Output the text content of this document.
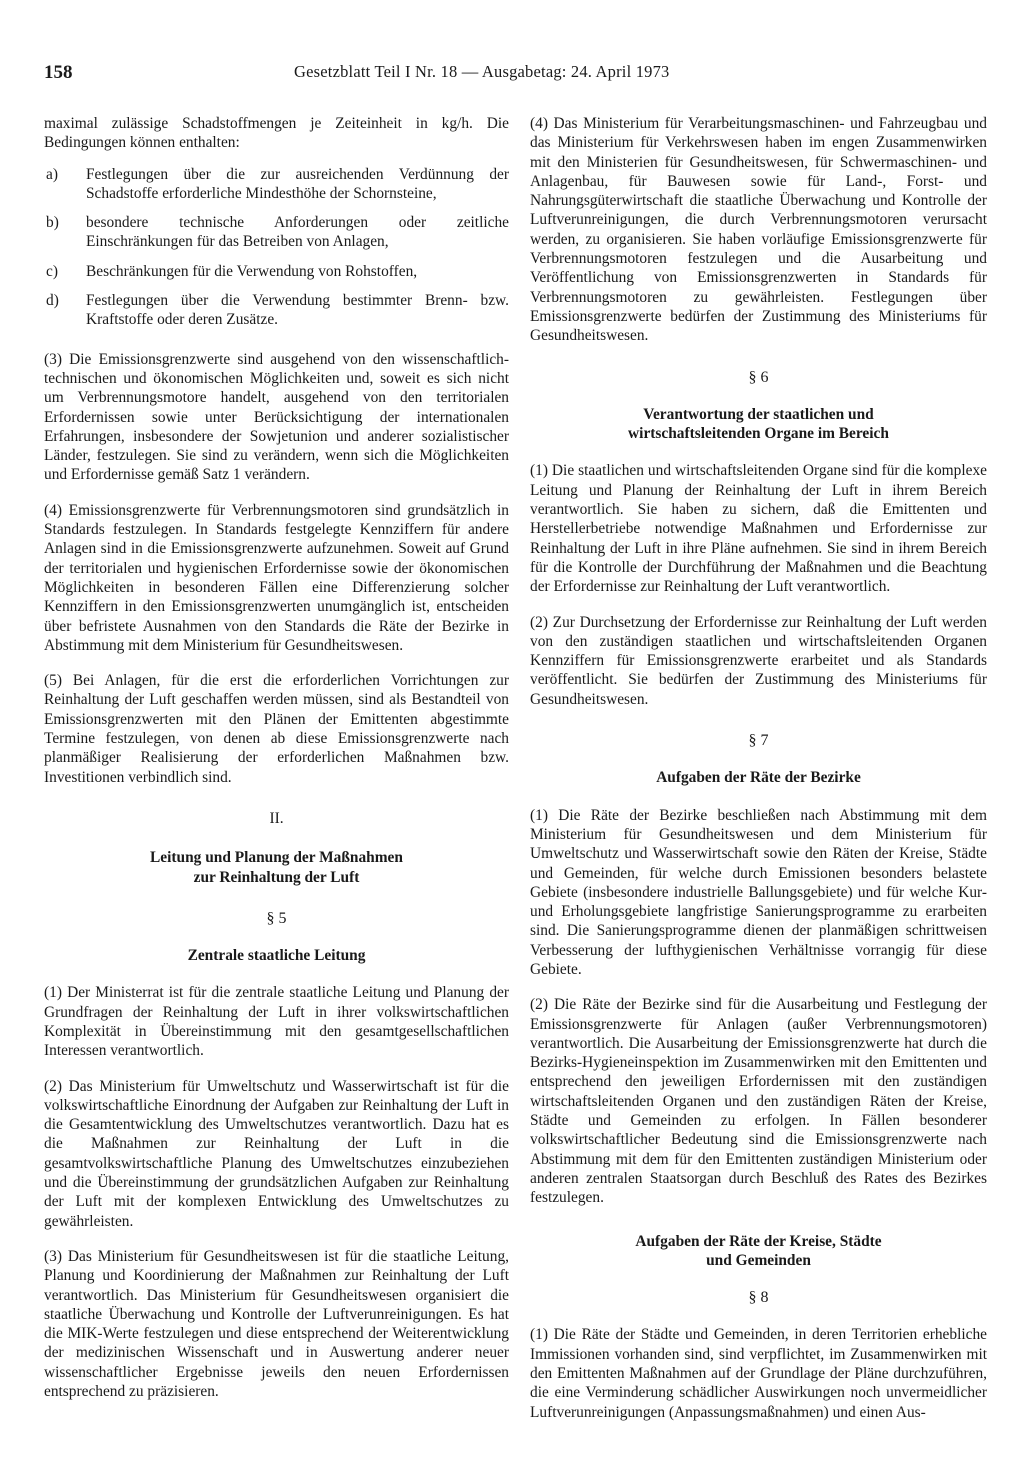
158	Gesetzblatt Teil I Nr. 18 — Ausgabetag: 24. April 1973

maximal zulässige Schadstoffmengen je Zeiteinheit in kg/h. Die Bedingungen können enthalten:

a)	Festlegungen über die zur ausreichenden Verdünnung der Schadstoffe erforderliche Mindesthöhe der Schornsteine,
b)	besondere technische Anforderungen oder zeitliche Einschränkungen für das Betreiben von Anlagen,
c)	Beschränkungen für die Verwendung von Rohstoffen,
d)	Festlegungen über die Verwendung bestimmter Brenn- bzw. Kraftstoffe oder deren Zusätze.

(3) Die Emissionsgrenzwerte sind ausgehend von den wissenschaftlich-technischen und ökonomischen Möglichkeiten und, soweit es sich nicht um Verbrennungsmotore handelt, ausgehend von den territorialen Erfordernissen sowie unter Berücksichtigung der internationalen Erfahrungen, insbesondere der Sowjetunion und anderer sozialistischer Länder, festzulegen. Sie sind zu verändern, wenn sich die Möglichkeiten und Erfordernisse gemäß Satz 1 verändern.

(4) Emissionsgrenzwerte für Verbrennungsmotoren sind grundsätzlich in Standards festzulegen. In Standards festgelegte Kennziffern für andere Anlagen sind in die Emissionsgrenzwerte aufzunehmen. Soweit auf Grund der territorialen und hygienischen Erfordernisse sowie der ökonomischen Möglichkeiten in besonderen Fällen eine Differenzierung solcher Kennziffern in den Emissionsgrenzwerten unumgänglich ist, entscheiden über befristete Ausnahmen von den Standards die Räte der Bezirke in Abstimmung mit dem Ministerium für Gesundheitswesen.

(5) Bei Anlagen, für die erst die erforderlichen Vorrichtungen zur Reinhaltung der Luft geschaffen werden müssen, sind als Bestandteil von Emissionsgrenzwerten mit den Plänen der Emittenten abgestimmte Termine festzulegen, von denen ab diese Emissionsgrenzwerte nach planmäßiger Realisierung der erforderlichen Maßnahmen bzw. Investitionen verbindlich sind.

II.
Leitung und Planung der Maßnahmen
zur Reinhaltung der Luft
§ 5
Zentrale staatliche Leitung

(1) Der Ministerrat ist für die zentrale staatliche Leitung und Planung der Grundfragen der Reinhaltung der Luft in ihrer volkswirtschaftlichen Komplexität in Übereinstimmung mit den gesamtgesellschaftlichen Interessen verantwortlich.

(2) Das Ministerium für Umweltschutz und Wasserwirtschaft ist für die volkswirtschaftliche Einordnung der Aufgaben zur Reinhaltung der Luft in die Gesamtentwicklung des Umweltschutzes verantwortlich. Dazu hat es die Maßnahmen zur Reinhaltung der Luft in die gesamtvolkswirtschaftliche Planung des Umweltschutzes einzubeziehen und die Übereinstimmung der grundsätzlichen Aufgaben zur Reinhaltung der Luft mit der komplexen Entwicklung des Umweltschutzes zu gewährleisten.

(3) Das Ministerium für Gesundheitswesen ist für die staatliche Leitung, Planung und Koordinierung der Maßnahmen zur Reinhaltung der Luft verantwortlich. Das Ministerium für Gesundheitswesen organisiert die staatliche Überwachung und Kontrolle der Luftverunreinigungen. Es hat die MIK-Werte festzulegen und diese entsprechend der Weiterentwicklung der medizinischen Wissenschaft und in Auswertung anderer neuer wissenschaftlicher Ergebnisse jeweils den neuen Erfordernissen entsprechend zu präzisieren.

(4) Das Ministerium für Verarbeitungsmaschinen- und Fahrzeugbau und das Ministerium für Verkehrswesen haben im engen Zusammenwirken mit den Ministerien für Gesundheitswesen, für Schwermaschinen- und Anlagenbau, für Bauwesen sowie für Land-, Forst- und Nahrungsgüterwirtschaft die staatliche Überwachung und Kontrolle der Luftverunreinigungen, die durch Verbrennungsmotoren verursacht werden, zu organisieren. Sie haben vorläufige Emissionsgrenzwerte für Verbrennungsmotoren festzulegen und die Ausarbeitung und Veröffentlichung von Emissionsgrenzwerten in Standards für Verbrennungsmotoren zu gewährleisten. Festlegungen über Emissionsgrenzwerte bedürfen der Zustimmung des Ministeriums für Gesundheitswesen.

§ 6
Verantwortung der staatlichen und
wirtschaftsleitenden Organe im Bereich

(1) Die staatlichen und wirtschaftsleitenden Organe sind für die komplexe Leitung und Planung der Reinhaltung der Luft in ihrem Bereich verantwortlich. Sie haben zu sichern, daß die Emittenten und Herstellerbetriebe notwendige Maßnahmen und Erfordernisse zur Reinhaltung der Luft in ihre Pläne aufnehmen. Sie sind in ihrem Bereich für die Kontrolle der Durchführung der Maßnahmen und die Beachtung der Erfordernisse zur Reinhaltung der Luft verantwortlich.

(2) Zur Durchsetzung der Erfordernisse zur Reinhaltung der Luft werden von den zuständigen staatlichen und wirtschaftsleitenden Organen Kennziffern für Emissionsgrenzwerte erarbeitet und als Standards veröffentlicht. Sie bedürfen der Zustimmung des Ministeriums für Gesundheitswesen.

§ 7
Aufgaben der Räte der Bezirke

(1) Die Räte der Bezirke beschließen nach Abstimmung mit dem Ministerium für Gesundheitswesen und dem Ministerium für Umweltschutz und Wasserwirtschaft sowie den Räten der Kreise, Städte und Gemeinden, für welche durch Emissionen besonders belastete Gebiete (insbesondere industrielle Ballungsgebiete) und für welche Kur- und Erholungsgebiete langfristige Sanierungsprogramme zu erarbeiten sind. Die Sanierungsprogramme dienen der planmäßigen schrittweisen Verbesserung der lufthygienischen Verhältnisse vorrangig für diese Gebiete.

(2) Die Räte der Bezirke sind für die Ausarbeitung und Festlegung der Emissionsgrenzwerte für Anlagen (außer Verbrennungsmotoren) verantwortlich. Die Ausarbeitung der Emissionsgrenzwerte hat durch die Bezirks-Hygieneinspektion im Zusammenwirken mit den Emittenten und entsprechend den jeweiligen Erfordernissen mit den zuständigen wirtschaftsleitenden Organen und den zuständigen Räten der Kreise, Städte und Gemeinden zu erfolgen. In Fällen besonderer volkswirtschaftlicher Bedeutung sind die Emissionsgrenzwerte nach Abstimmung mit dem für den Emittenten zuständigen Ministerium oder anderen zentralen Staatsorgan durch Beschluß des Rates des Bezirkes festzulegen.

Aufgaben der Räte der Kreise, Städte
und Gemeinden
§ 8

(1) Die Räte der Städte und Gemeinden, in deren Territorien erhebliche Immissionen vorhanden sind, sind verpflichtet, im Zusammenwirken mit den Emittenten Maßnahmen auf der Grundlage der Pläne durchzuführen, die eine Verminderung schädlicher Auswirkungen noch unvermeidlicher Luftverunreinigungen (Anpassungsmaßnahmen) und einen Aus-
